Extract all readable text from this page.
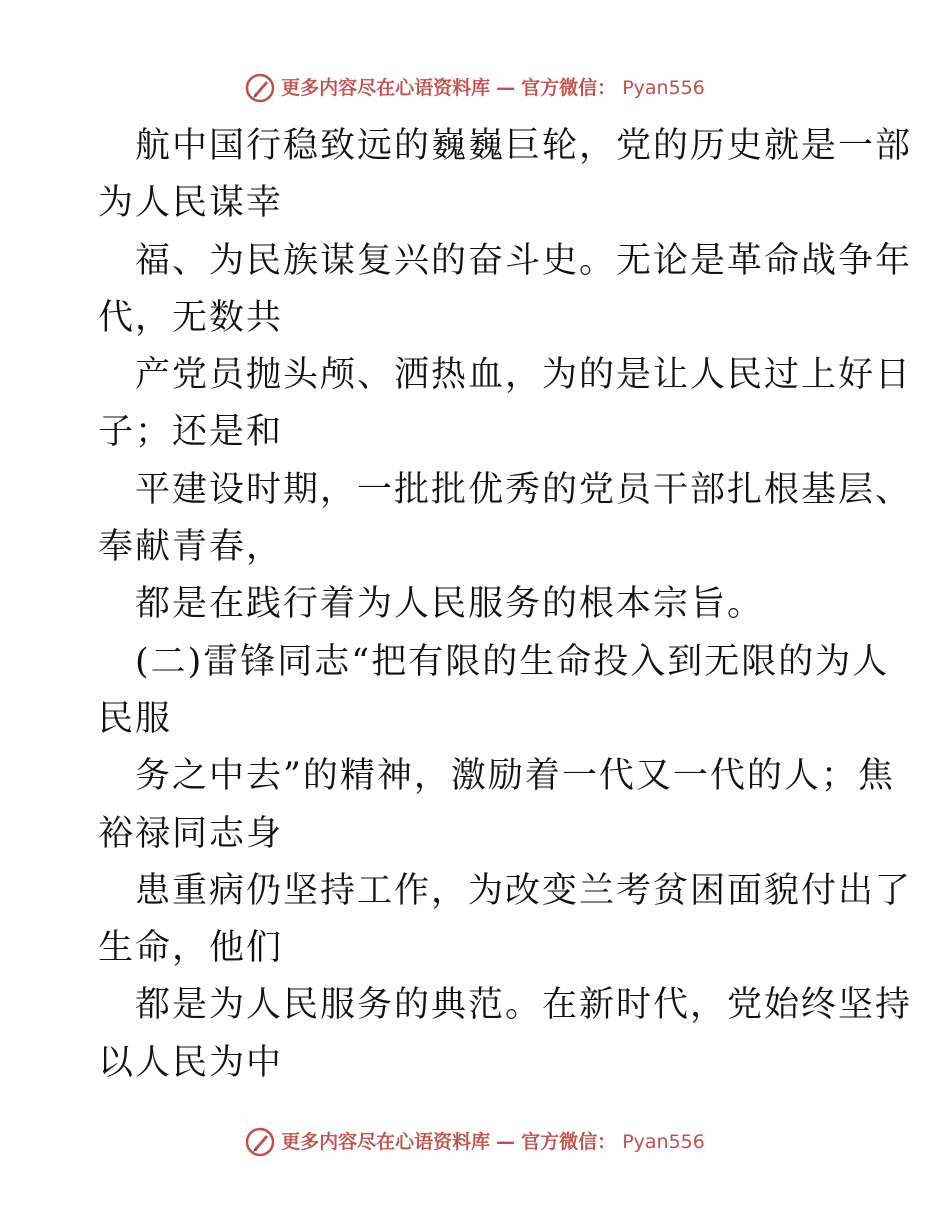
更多内容尽在心语资料库 — 官方微信： Pyan556
航中国行稳致远的巍巍巨轮，党的历史就是一部
为人民谋幸
福、为民族谋复兴的奋斗史。无论是革命战争年
代，无数共
产党员抛头颅、洒热血，为的是让人民过上好日
子；还是和
平建设时期，一批批优秀的党员干部扎根基层、
奉献青春，
都是在践行着为人民服务的根本宗旨。
(二)雷锋同志“把有限的生命投入到无限的为人
民服
务之中去”的精神，激励着一代又一代的人；焦
裕禄同志身
患重病仍坚持工作，为改变兰考贫困面貌付出了
生命，他们
都是为人民服务的典范。在新时代，党始终坚持
以人民为中
更多内容尽在心语资料库 — 官方微信： Pyan556
